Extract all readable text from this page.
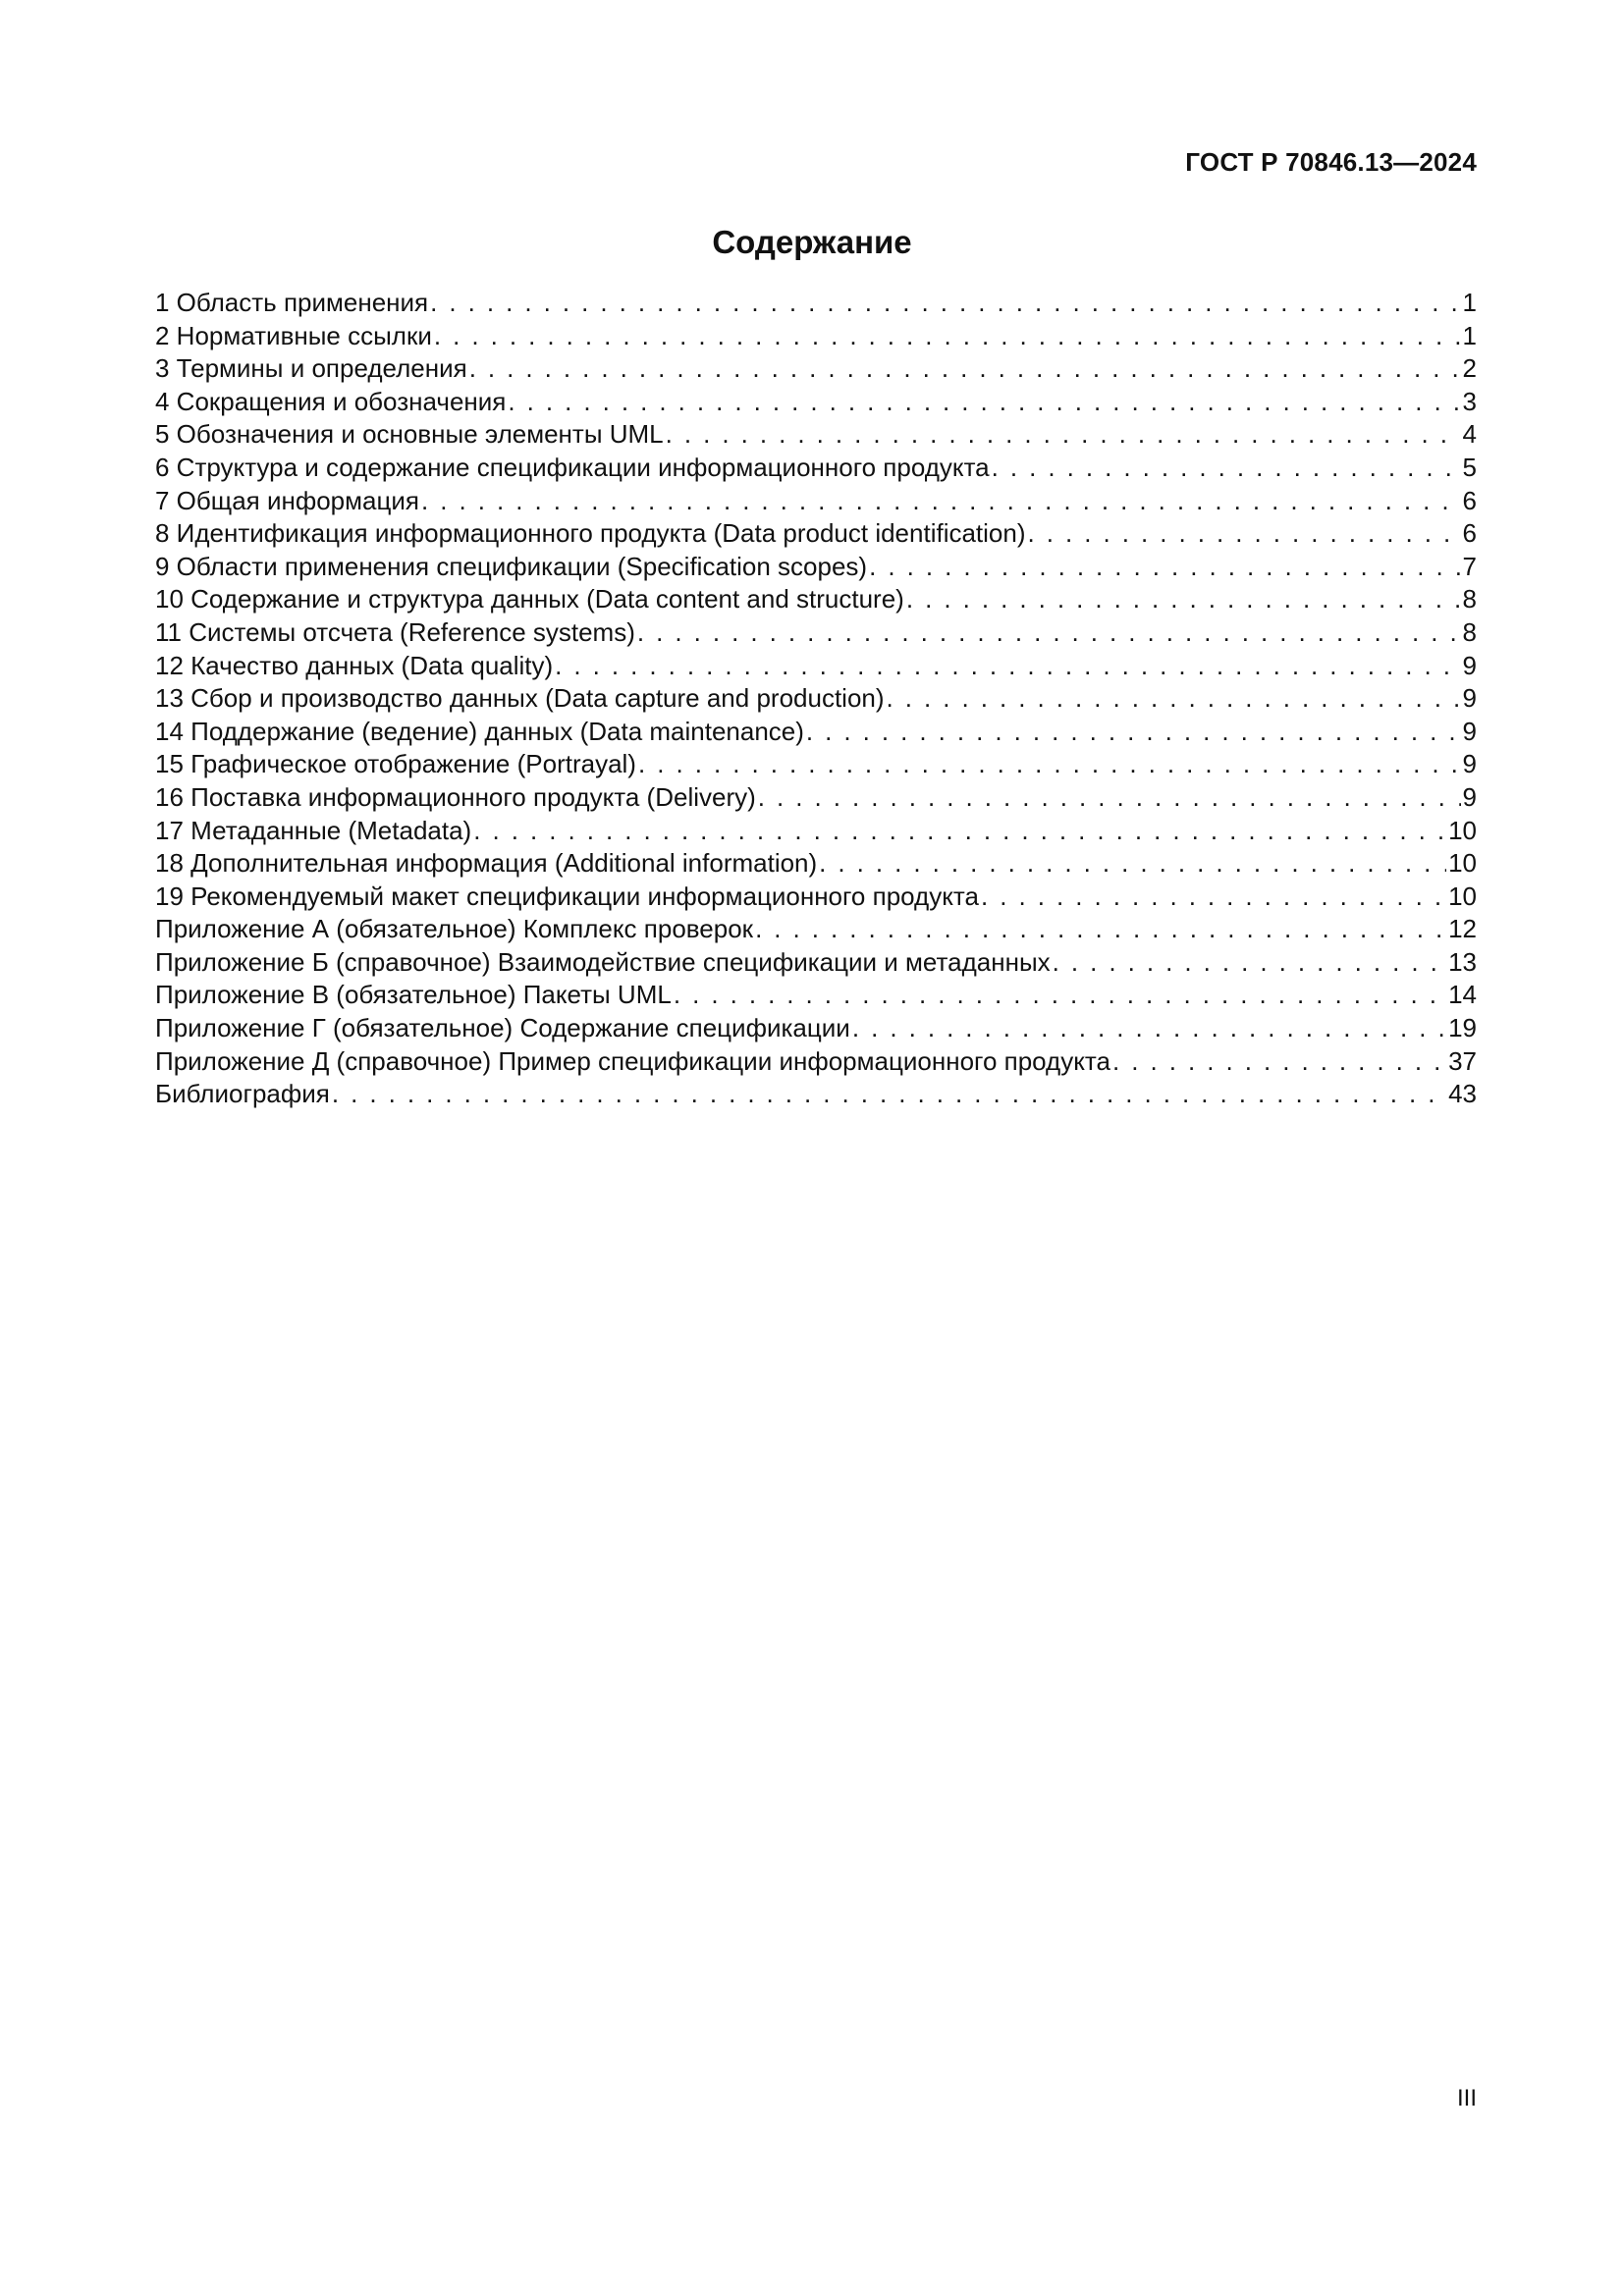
ГОСТ Р 70846.13—2024
Содержание
1 Область применения . . .	1
2 Нормативные ссылки . . .	1
3 Термины и определения . . .	2
4 Сокращения и обозначения . . .	3
5 Обозначения и основные элементы UML . . .	4
6 Структура и содержание спецификации информационного продукта . . .	5
7 Общая информация . . .	6
8 Идентификация информационного продукта (Data product identification) . . .	6
9 Области применения спецификации (Specification scopes) . . .	7
10 Содержание и структура данных (Data content and structure) . . .	8
11 Системы отсчета (Reference systems) . . .	8
12 Качество данных (Data quality) . . .	9
13 Сбор и производство данных (Data capture and production) . . .	9
14 Поддержание (ведение) данных (Data maintenance) . . .	9
15 Графическое отображение (Portrayal) . . .	9
16 Поставка информационного продукта (Delivery) . . .	9
17 Метаданные (Metadata) . . .	10
18 Дополнительная информация (Additional information) . . .	10
19 Рекомендуемый макет спецификации информационного продукта . . .	10
Приложение А (обязательное) Комплекс проверок . . .	12
Приложение Б (справочное) Взаимодействие спецификации и метаданных . . .	13
Приложение В (обязательное) Пакеты UML . . .	14
Приложение Г (обязательное) Содержание спецификации . . .	19
Приложение Д (справочное) Пример спецификации информационного продукта . . .	37
Библиография . . .	43
III
